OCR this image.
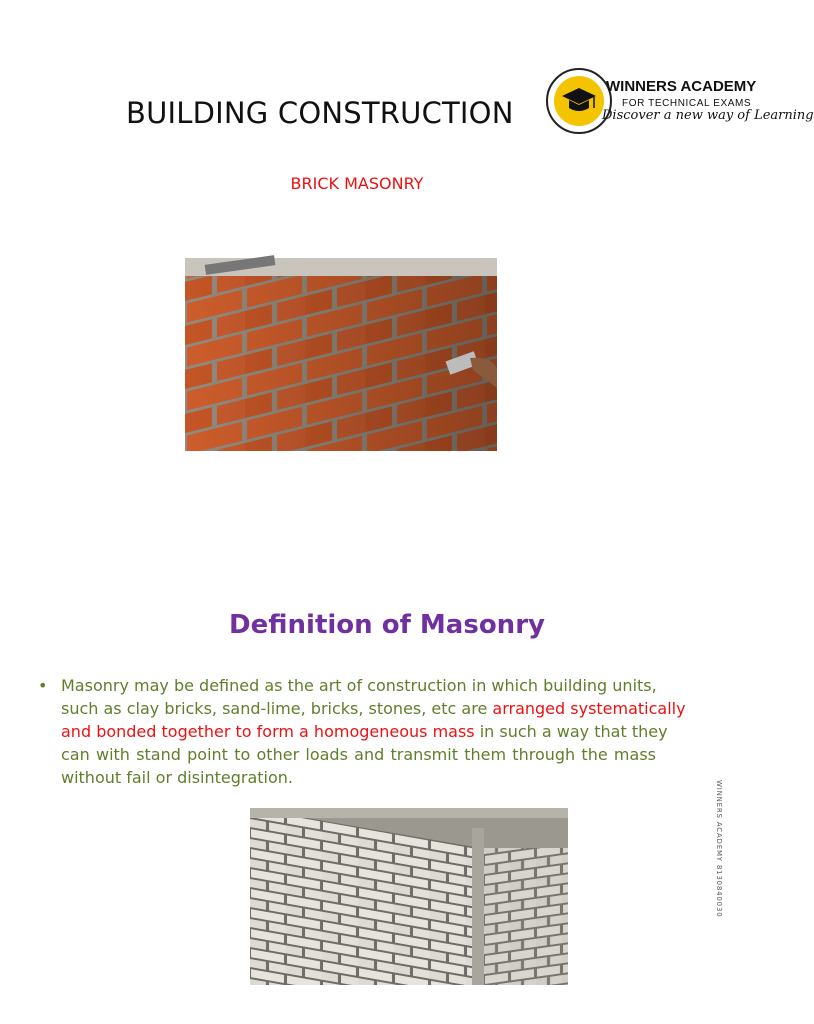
BUILDING CONSTRUCTION
BRICK MASONRY
WINNERS ACADEMY
FOR TECHNICAL EXAMS
Discover a new way of Learning
Definition of Masonry
• Masonry may be defined as the art of construction in which building units,
such as clay bricks, sand-lime, bricks, stones, etc are arranged systematically
and bonded together to form a homogeneous mass in such a way that they
can with stand point to other loads and transmit them through the mass
without fail or disintegration.
WINNERS ACADEMY 8130840030
